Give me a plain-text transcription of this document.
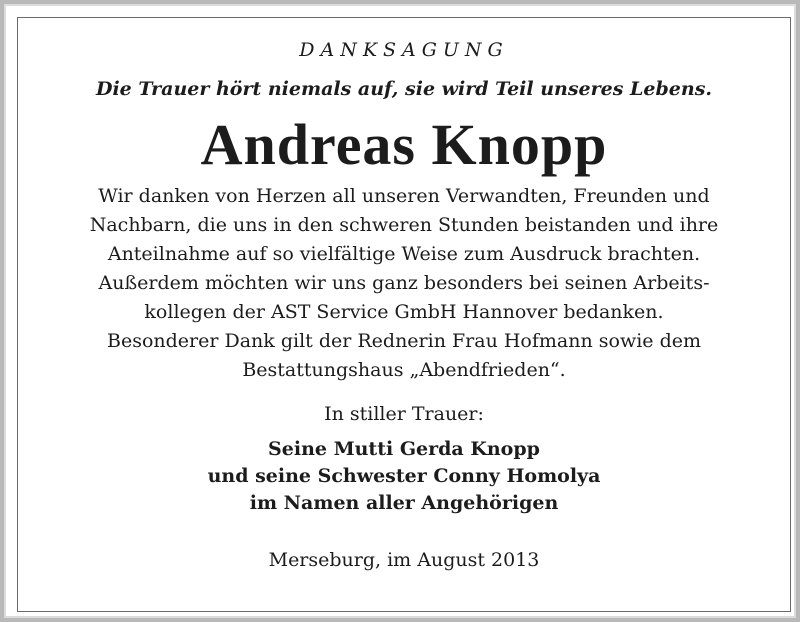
DANKSAGUNG
Die Trauer hört niemals auf, sie wird Teil unseres Lebens.
Andreas Knopp
Wir danken von Herzen all unseren Verwandten, Freunden und
Nachbarn, die uns in den schweren Stunden beistanden und ihre
Anteilnahme auf so vielfältige Weise zum Ausdruck brachten.
Außerdem möchten wir uns ganz besonders bei seinen Arbeits-
kollegen der AST Service GmbH Hannover bedanken.
Besonderer Dank gilt der Rednerin Frau Hofmann sowie dem
Bestattungshaus „Abendfrieden“.
In stiller Trauer:
Seine Mutti Gerda Knopp
und seine Schwester Conny Homolya
im Namen aller Angehörigen
Merseburg, im August 2013
